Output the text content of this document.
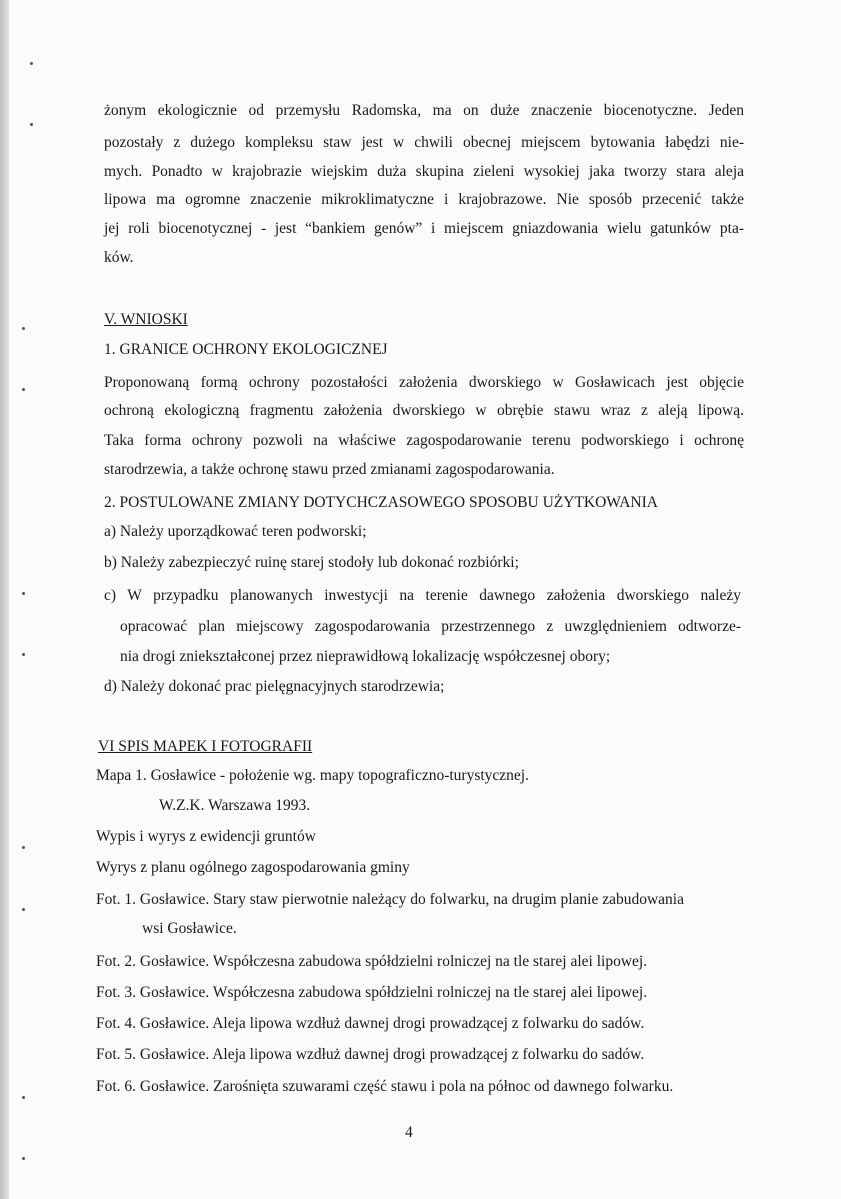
żonym ekologicznie od przemysłu Radomska, ma on duże znaczenie biocenotyczne. Jeden
pozostały z dużego kompleksu staw jest w chwili obecnej miejscem bytowania łabędzi nie-
mych. Ponadto w krajobrazie wiejskim duża skupina zieleni wysokiej jaka tworzy stara aleja
lipowa ma ogromne znaczenie mikroklimatyczne i krajobrazowe. Nie sposób przecenić także
jej roli biocenotycznej - jest “bankiem genów” i miejscem gniazdowania wielu gatunków pta-
ków.
V. WNIOSKI
1. GRANICE OCHRONY EKOLOGICZNEJ
Proponowaną formą ochrony pozostałości założenia dworskiego w Gosławicach jest objęcie
ochroną ekologiczną fragmentu założenia dworskiego w obrębie stawu wraz z aleją lipową.
Taka forma ochrony pozwoli na właściwe zagospodarowanie terenu podworskiego i ochronę
starodrzewia, a także ochronę stawu przed zmianami zagospodarowania.
2. POSTULOWANE ZMIANY DOTYCHCZASOWEGO SPOSOBU UŻYTKOWANIA
a) Należy uporządkować teren podworski;
b) Należy zabezpieczyć ruinę starej stodoły lub dokonać rozbiórki;
c) W przypadku planowanych inwestycji na terenie dawnego założenia dworskiego należy
opracować plan miejscowy zagospodarowania przestrzennego z uwzględnieniem odtworze-
nia drogi zniekształconej przez nieprawidłową lokalizację współczesnej obory;
d) Należy dokonać prac pielęgnacyjnych starodrzewia;
VI SPIS MAPEK I FOTOGRAFII
Mapa 1. Gosławice - położenie wg. mapy topograficzno-turystycznej.
W.Z.K. Warszawa 1993.
Wypis i wyrys z ewidencji gruntów
Wyrys z planu ogólnego zagospodarowania gminy
Fot. 1. Gosławice. Stary staw pierwotnie należący do folwarku, na drugim planie zabudowania
wsi Gosławice.
Fot. 2. Gosławice. Współczesna zabudowa spółdzielni rolniczej na tle starej alei lipowej.
Fot. 3. Gosławice. Współczesna zabudowa spółdzielni rolniczej na tle starej alei lipowej.
Fot. 4. Gosławice. Aleja lipowa wzdłuż dawnej drogi prowadzącej z folwarku do sadów.
Fot. 5. Gosławice. Aleja lipowa wzdłuż dawnej drogi prowadzącej z folwarku do sadów.
Fot. 6. Gosławice. Zarośnięta szuwarami część stawu i pola na północ od dawnego folwarku.
4
